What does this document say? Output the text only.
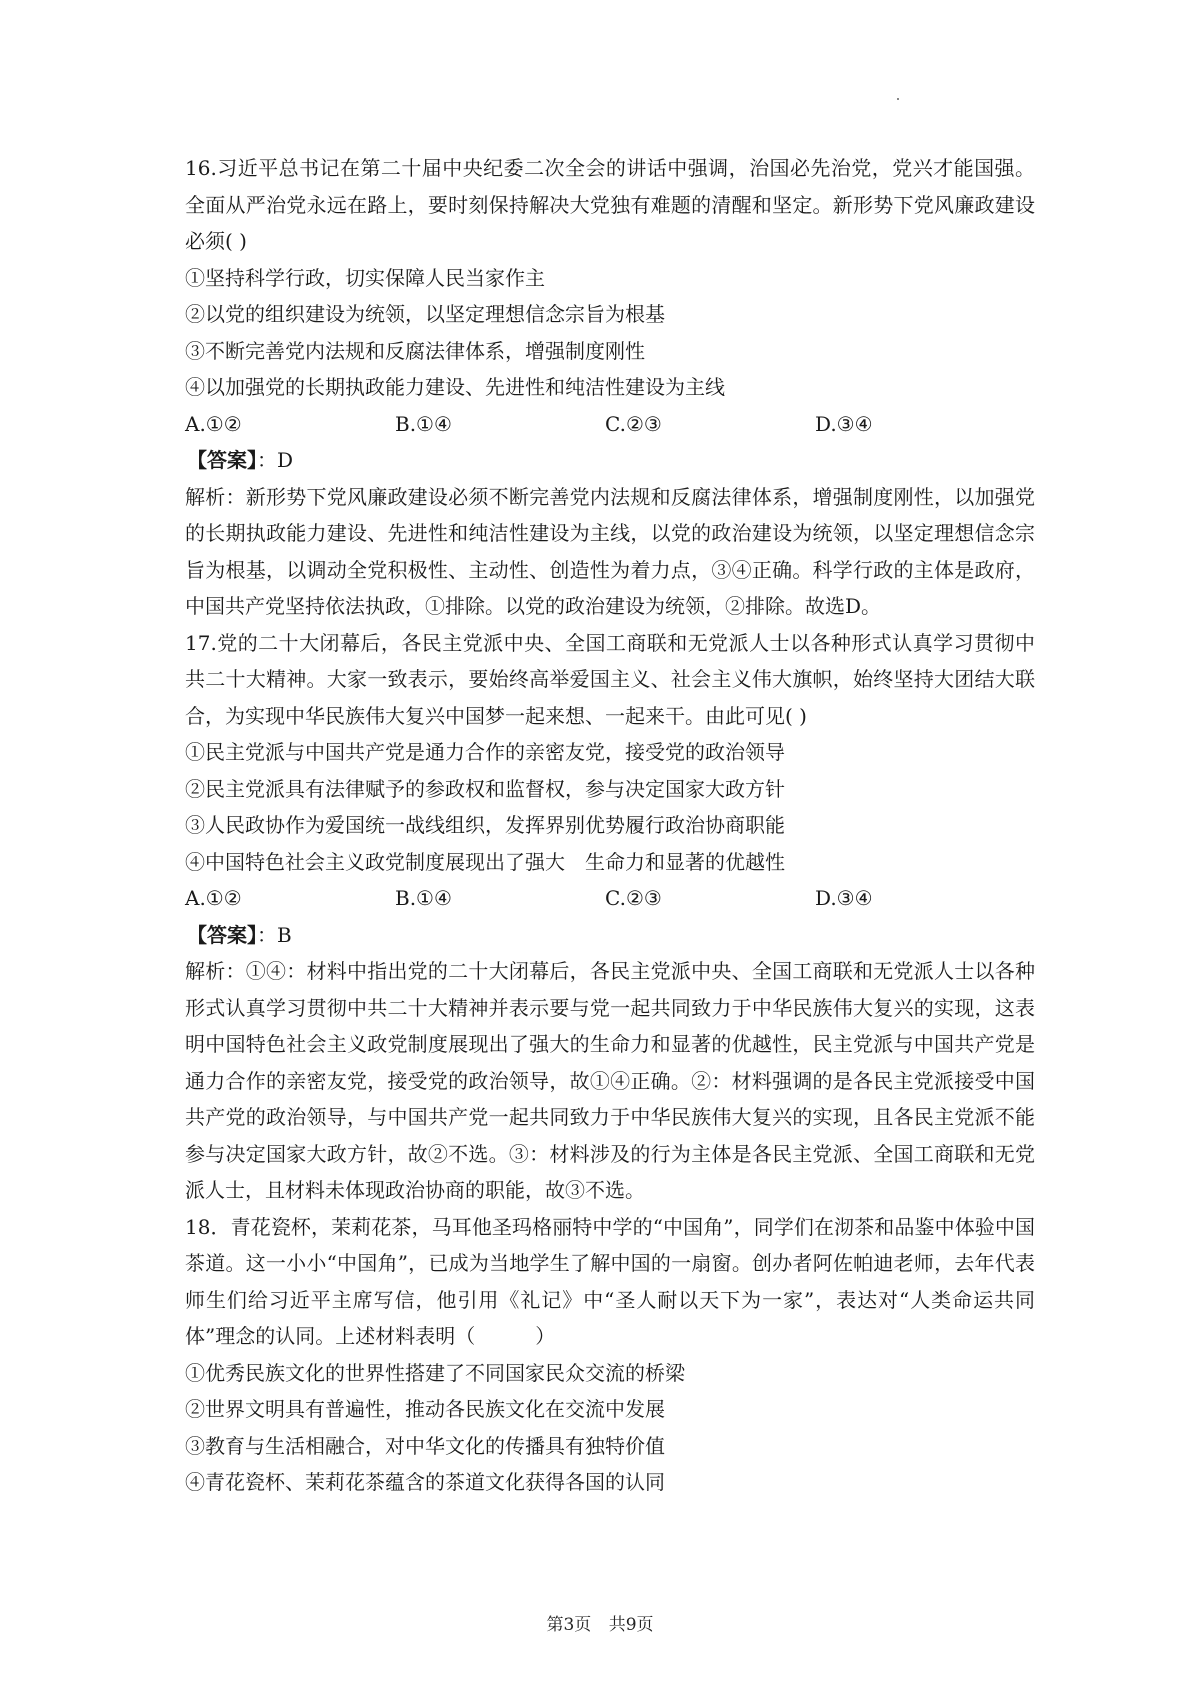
16.习近平总书记在第二十届中央纪委二次全会的讲话中强调，治国必先治党，党兴才能国强。全面从严治党永远在路上，要时刻保持解决大党独有难题的清醒和坚定。新形势下党风廉政建设必须( )

①坚持科学行政，切实保障人民当家作主

②以党的组织建设为统领，以坚定理想信念宗旨为根基

③不断完善党内法规和反腐法律体系，增强制度刚性

④以加强党的长期执政能力建设、先进性和纯洁性建设为主线

A.①②	B.①④	C.②③	D.③④

【答案】：D

解析：新形势下党风廉政建设必须不断完善党内法规和反腐法律体系，增强制度刚性，以加强党的长期执政能力建设、先进性和纯洁性建设为主线，以党的政治建设为统领，以坚定理想信念宗旨为根基，以调动全党积极性、主动性、创造性为着力点，③④正确。科学行政的主体是政府，中国共产党坚持依法执政，①排除。以党的政治建设为统领，②排除。故选D。

17.党的二十大闭幕后，各民主党派中央、全国工商联和无党派人士以各种形式认真学习贯彻中共二十大精神。大家一致表示，要始终高举爱国主义、社会主义伟大旗帜，始终坚持大团结大联合，为实现中华民族伟大复兴中国梦一起来想、一起来干。由此可见( )

①民主党派与中国共产党是通力合作的亲密友党，接受党的政治领导

②民主党派具有法律赋予的参政权和监督权，参与决定国家大政方针

③人民政协作为爱国统一战线组织，发挥界别优势履行政治协商职能

④中国特色社会主义政党制度展现出了强大　生命力和显著的优越性

A.①②	B.①④	C.②③	D.③④

【答案】：B

解析：①④：材料中指出党的二十大闭幕后，各民主党派中央、全国工商联和无党派人士以各种形式认真学习贯彻中共二十大精神并表示要与党一起共同致力于中华民族伟大复兴的实现，这表明中国特色社会主义政党制度展现出了强大的生命力和显著的优越性，民主党派与中国共产党是通力合作的亲密友党，接受党的政治领导，故①④正确。②：材料强调的是各民主党派接受中国共产党的政治领导，与中国共产党一起共同致力于中华民族伟大复兴的实现，且各民主党派不能参与决定国家大政方针，故②不选。③：材料涉及的行为主体是各民主党派、全国工商联和无党派人士，且材料未体现政治协商的职能，故③不选。

18．青花瓷杯，茉莉花茶，马耳他圣玛格丽特中学的“中国角”，同学们在沏茶和品鉴中体验中国茶道。这一小小“中国角”，已成为当地学生了解中国的一扇窗。创办者阿佐帕迪老师，去年代表师生们给习近平主席写信，他引用《礼记》中“圣人耐以天下为一家”，表达对“人类命运共同体”理念的认同。上述材料表明（　　　）

①优秀民族文化的世界性搭建了不同国家民众交流的桥梁

②世界文明具有普遍性，推动各民族文化在交流中发展

③教育与生活相融合，对中华文化的传播具有独特价值

④青花瓷杯、茉莉花茶蕴含的茶道文化获得各国的认同

第3页 共9页
